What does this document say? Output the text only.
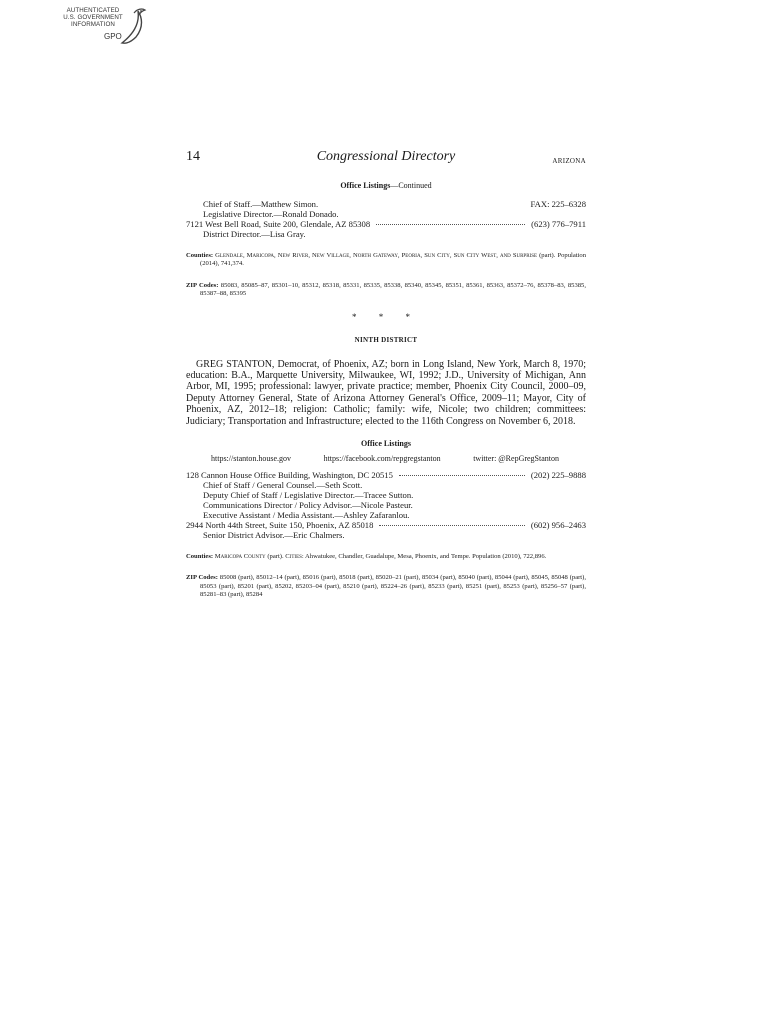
AUTHENTICATED
U.S. GOVERNMENT
INFORMATION
GPO
14	Congressional Directory	ARIZONA
Office Listings—Continued
Chief of Staff.—Matthew Simon.	FAX: 225–6328
Legislative Director.—Ronald Donado.
7121 West Bell Road, Suite 200, Glendale, AZ 85308	(623) 776–7911
District Director.—Lisa Gray.

Counties: Glendale, Maricopa, New River, New Village, North Gateway, Peoria, Sun City, Sun City West, and Surprise (part). Population (2014), 741,374.

ZIP Codes: 85083, 85085–87, 85301–10, 85312, 85318, 85331, 85335, 85338, 85340, 85345, 85351, 85361, 85363, 85372–76, 85378–83, 85385, 85387–88, 85395

* * *
NINTH DISTRICT

GREG STANTON, Democrat, of Phoenix, AZ; born in Long Island, New York, March 8, 1970; education: B.A., Marquette University, Milwaukee, WI, 1992; J.D., University of Michigan, Ann Arbor, MI, 1995; professional: lawyer, private practice; member, Phoenix City Council, 2000–09, Deputy Attorney General, State of Arizona Attorney General's Office, 2009–11; Mayor, City of Phoenix, AZ, 2012–18; religion: Catholic; family: wife, Nicole; two children; committees: Judiciary; Transportation and Infrastructure; elected to the 116th Congress on November 6, 2018.

Office Listings
https://stanton.house.gov	https://facebook.com/repgregstanton	twitter: @RepGregStanton
128 Cannon House Office Building, Washington, DC 20515	(202) 225–9888
Chief of Staff / General Counsel.—Seth Scott.
Deputy Chief of Staff / Legislative Director.—Tracee Sutton.
Communications Director / Policy Advisor.—Nicole Pasteur.
Executive Assistant / Media Assistant.—Ashley Zafaranlou.
2944 North 44th Street, Suite 150, Phoenix, AZ 85018	(602) 956–2463
Senior District Advisor.—Eric Chalmers.

Counties: Maricopa County (part). Cities: Ahwatukee, Chandler, Guadalupe, Mesa, Phoenix, and Tempe. Population (2010), 722,896.

ZIP Codes: 85008 (part), 85012–14 (part), 85016 (part), 85018 (part), 85020–21 (part), 85034 (part), 85040 (part), 85044 (part), 85045, 85048 (part), 85053 (part), 85201 (part), 85202, 85203–04 (part), 85210 (part), 85224–26 (part), 85233 (part), 85251 (part), 85253 (part), 85256–57 (part), 85281–83 (part), 85284
